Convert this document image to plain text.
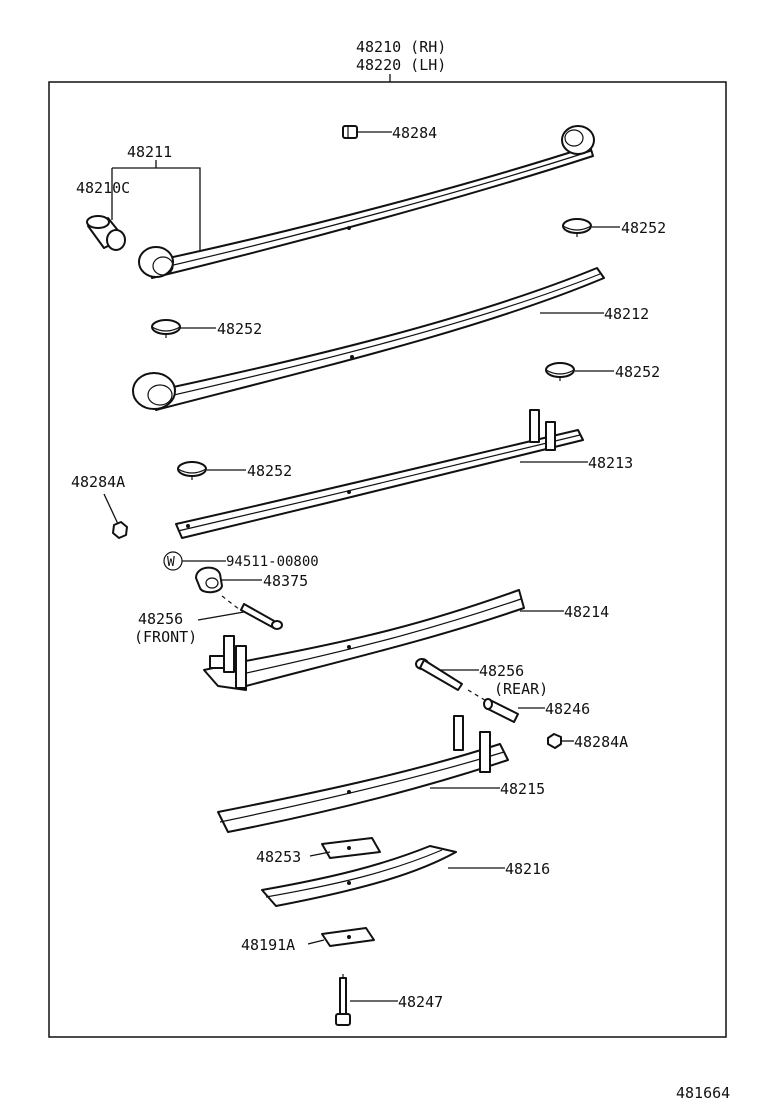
48210 (RH)
48220 (LH)
48284
48211
48210C
48252
48212
48252
48252
48213
48252
48284A
W	94511-00800
48375
48256
(FRONT)
48214
48256
(REAR)
48246
48284A
48215
48253
48216
48191A
48247
481664
